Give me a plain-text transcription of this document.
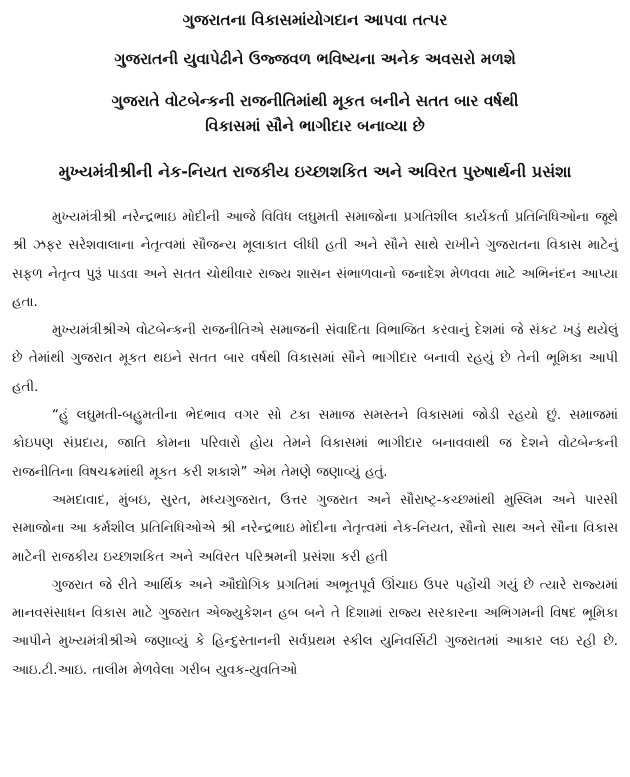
ગુજરાતના વિકાસમાંયોગદાન આપવા તત્પર

ગુજરાતની યુવાપેઢીને ઉજ્જવળ ભવિષ્યના અનેક અવસરો મળશે

ગુજરાતે વોટબેન્કની રાજનીતિમાંથી મૂકત બનીને સતત બાર વર્ષથી

વિકાસમાં સૌને ભાગીદાર બનાવ્યા છે

મુખ્યમંત્રીશ્રીની નેક-નિયત રાજકીય ઇચ્છાશકિત અને અવિરત પુરુષાર્થની પ્રસંશા

મુખ્યમંત્રીશ્રી નરેન્દ્રભાઇ મોદીની આજે વિવિધ લઘુમતી સમાજોના પ્રગતિશીલ કાર્યકર્તા પ્રતિનિધિઓના જૂથે શ્રી ઝફર સરેશવાલાના નેતૃત્વમાં સૌજન્ય મૂલાકાત લીધી હતી અને સૌને સાથે રાખીને ગુજરાતના વિકાસ માટેનું સફળ નેતૃત્વ પુરૂં પાડવા અને સતત ચોથીવાર રાજ્ય શાસન સંભાળવાનો જનાદેશ મેળવવા માટે અભિનંદન આપ્યા હતા.

મુખ્યમંત્રીશ્રીએ વોટબેન્કની રાજનીતિએ સમાજની સંવાદિતા વિભાજિત કરવાનું દેશમાં જે સંકટ ખડું થયેલું છે તેમાંથી ગુજરાત મૂકત થઇને સતત બાર વર્ષથી વિકાસમાં સૌને ભાગીદાર બનાવી રહયું છે તેની ભૂમિકા આપી હતી.

“હું લઘુમતી-બહુમતીના ભેદભાવ વગર સો ટકા સમાજ સમસ્તને વિકાસમાં જોડી રહયો છું. સમાજમાં કોઇપણ સંપ્રદાય, જાતિ કોમના પરિવારો હોય તેમને વિકાસમાં ભાગીદાર બનાવવાથી જ દેશને વોટબેન્કની રાજનીતિના વિષચક્રમાંથી મૂકત કરી શકાશે” એમ તેમણે જણાવ્યું હતું.

અમદાવાદ, મુંબઇ, સુરત, મધ્યગુજરાત, ઉત્તર ગુજરાત અને સૌરાષ્ટ્ર-કચ્છમાંથી મુસ્લિમ અને પારસી સમાજોના આ કર્મશીલ પ્રતિનિધિઓએ શ્રી નરેન્દ્રભાઇ મોદીના નેતૃત્વમાં નેક-નિયત, સૌનો સાથ અને સૌના વિકાસ માટેની રાજકીય ઇચ્છાશકિત અને અવિરત પરિશ્રમની પ્રસંશા કરી હતી

ગુજરાત જે રીતે આર્થિક અને ઔદ્યોગિક પ્રગતિમાં અભૂતપૂર્વ ઊંચાઇ ઉપર પહોંચી ગયું છે ત્યારે રાજ્યમાં માનવસંસાધન વિકાસ માટે ગુજરાત એજ્યુકેશન હબ બને તે દિશામાં રાજ્ય સરકારના અભિગમની વિષદ ભૂમિકા આપીને મુખ્યમંત્રીશ્રીએ જણાવ્યું કે હિન્દુસ્તાનની સર્વપ્રથમ સ્કીલ યુનિવર્સિટી ગુજરાતમાં આકાર લઇ રહી છે. આઇ.ટી.આઇ. તાલીમ મેળવેલા ગરીબ યુવક-યુવતિઓ
